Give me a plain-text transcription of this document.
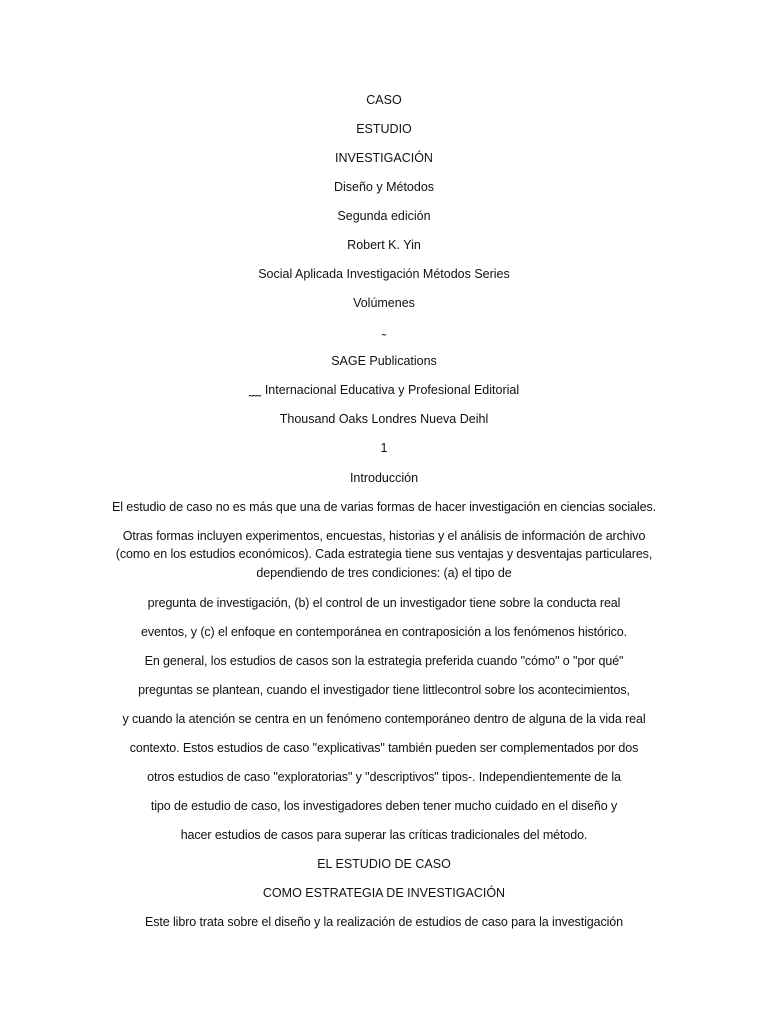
CASO
ESTUDIO
INVESTIGACIÓN
Diseño y Métodos
Segunda edición
Robert K. Yin
Social Aplicada Investigación Métodos Series
Volúmenes
˷
SAGE Publications
˷˷˷ Internacional Educativa y Profesional Editorial
Thousand Oaks Londres Nueva Deihl
1
Introducción
El estudio de caso no es más que una de varias formas de hacer investigación en ciencias sociales.
Otras formas incluyen experimentos, encuestas, historias y el análisis de información de archivo
(como en los estudios económicos). Cada estrategia tiene sus ventajas y desventajas particulares,
dependiendo de tres condiciones: (a) el tipo de
pregunta de investigación, (b) el control de un investigador tiene sobre la conducta real
eventos, y (c) el enfoque en contemporánea en contraposición a los fenómenos histórico.
En general, los estudios de casos son la estrategia preferida cuando "cómo" o "por qué"
preguntas se plantean, cuando el investigador tiene littlecontrol sobre los acontecimientos,
y cuando la atención se centra en un fenómeno contemporáneo dentro de alguna de la vida real
contexto. Estos estudios de caso "explicativas" también pueden ser complementados por dos
otros estudios de caso "exploratorias" y "descriptivos" tipos-. Independientemente de la
tipo de estudio de caso, los investigadores deben tener mucho cuidado en el diseño y
hacer estudios de casos para superar las críticas tradicionales del método.
EL ESTUDIO DE CASO
COMO ESTRATEGIA DE INVESTIGACIÓN
Este libro trata sobre el diseño y la realización de estudios de caso para la investigación
